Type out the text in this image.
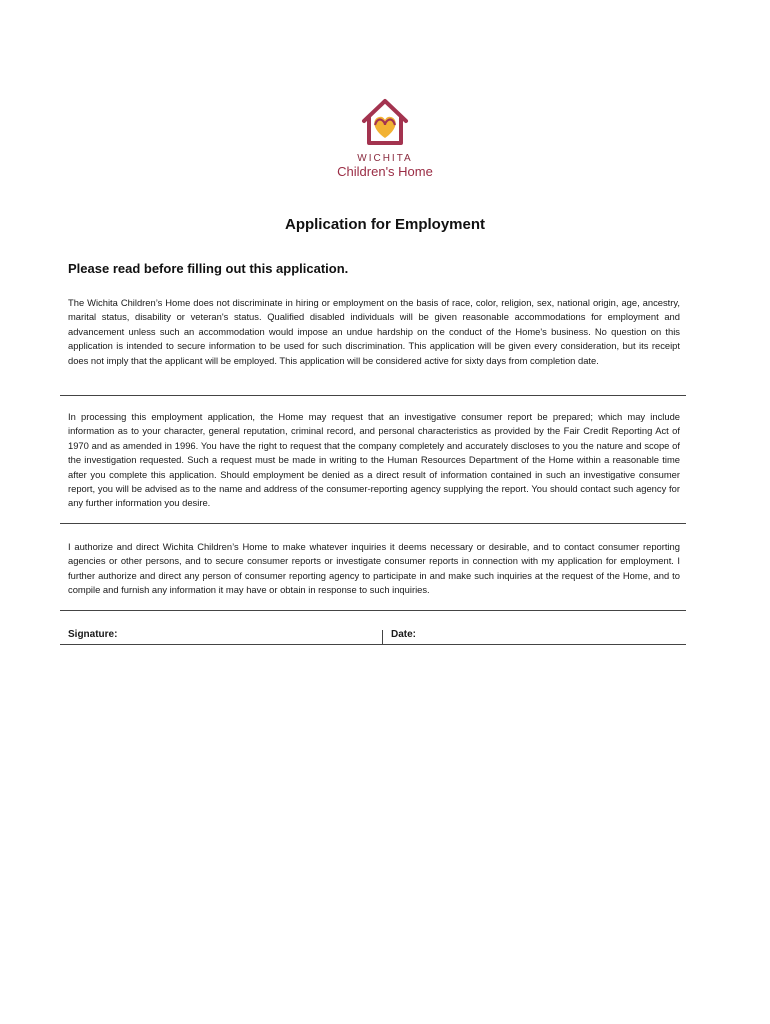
WICHITA
Children's Home
Application for Employment
Please read before filling out this application.
The Wichita Children’s Home does not discriminate in hiring or employment on the basis of race, color, religion, sex, national origin, age, ancestry, marital status, disability or veteran's status. Qualified disabled individuals will be given reasonable accommodations for employment and advancement unless such an accommodation would impose an undue hardship on the conduct of the Home's business. No question on this application is intended to secure information to be used for such discrimination. This application will be given every consideration, but its receipt does not imply that the applicant will be employed. This application will be considered active for sixty days from completion date.
In processing this employment application, the Home may request that an investigative consumer report be prepared; which may include information as to your character, general reputation, criminal record, and personal characteristics as provided by the Fair Credit Reporting Act of 1970 and as amended in 1996. You have the right to request that the company completely and accurately discloses to you the nature and scope of the investigation requested. Such a request must be made in writing to the Human Resources Department of the Home within a reasonable time after you complete this application. Should employment be denied as a direct result of information contained in such an investigative consumer report, you will be advised as to the name and address of the consumer-reporting agency supplying the report. You should contact such agency for any further information you desire.
I authorize and direct Wichita Children’s Home to make whatever inquiries it deems necessary or desirable, and to contact consumer reporting agencies or other persons, and to secure consumer reports or investigate consumer reports in connection with my application for employment. I further authorize and direct any person of consumer reporting agency to participate in and make such inquiries at the request of the Home, and to compile and furnish any information it may have or obtain in response to such inquiries.
Signature:	Date:
